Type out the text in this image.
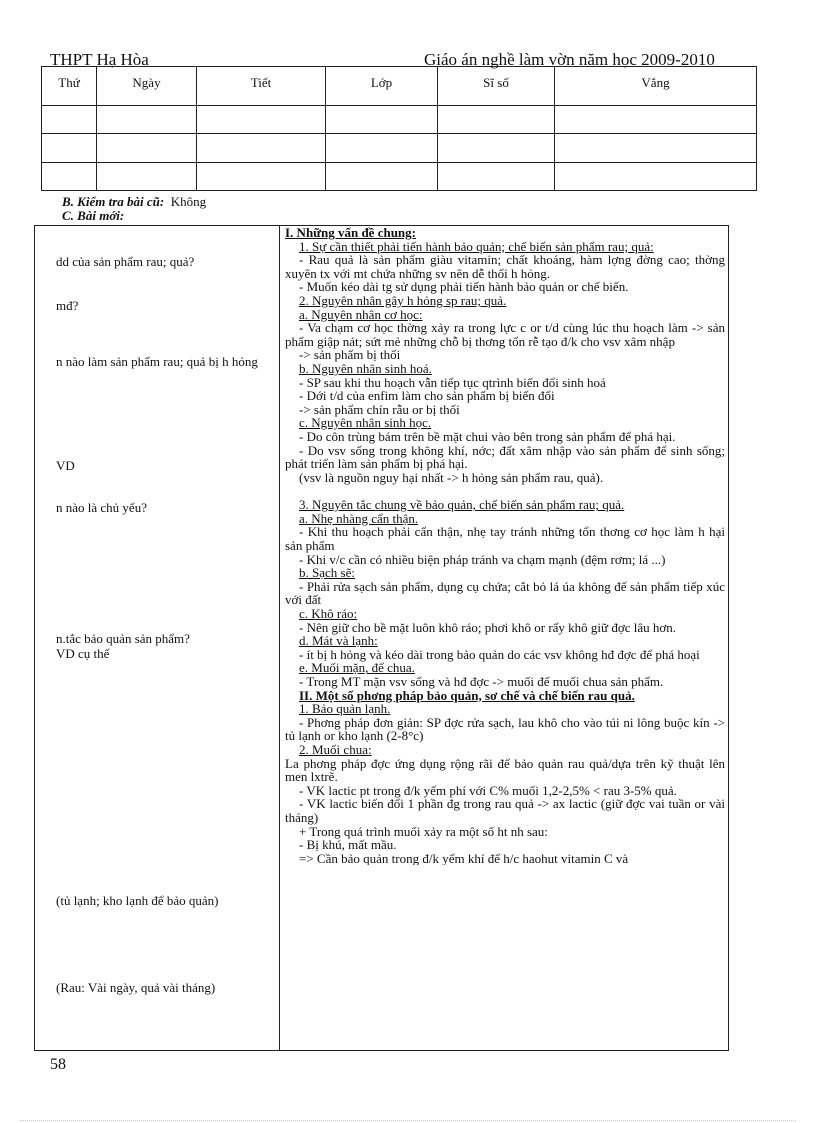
THPT Hạ Hòa	Giáo án nghề làm vờn năm học 2009-2010
Thứ	Ngày	Tiết	Lớp	Sĩ số	Vắng

B. Kiểm tra bài cũ: Không
C. Bài mới:
dd của sản phẩm rau; quả?
mđ?
n nào làm sản phẩm rau; quả bị h hỏng
VD
n nào là chủ yếu?
n.tắc bảo quản sản phẩm?
VD cụ thể
(tủ lạnh; kho lạnh để bảo quản)
(Rau: Vài ngày, quả vài tháng)
I. Những vấn đề chung:
1. Sự cần thiết phải tiến hành bảo quản; chế biến sản phẩm rau; quả:
- Rau quả là sản phẩm giàu vitamin; chất khoáng, hàm lợng đờng cao; thờng xuyên tx với mt chứa những sv nên dễ thối h hỏng.
- Muốn kéo dài tg sử dụng phải tiến hành bảo quản or chế biến.
2. Nguyên nhân gây h hỏng sp rau; quả.
a. Nguyên nhân cơ học:
- Va chạm cơ học thờng xảy ra trong lực c or t/d cùng lúc thu hoạch làm -> sản phẩm giập nát; sứt mẻ những chỗ bị thơng tổn rễ tạo đ/k cho vsv xâm nhập
-> sản phẩm bị thối
b. Nguyên nhân sinh hoá.
- SP sau khi thu hoạch vẫn tiếp tục qtrình biến đổi sinh hoá
- Dới t/d của enfim làm cho sản phẩm bị biến đổi
-> sản phẩm chín rẫu or bị thối
c. Nguyên nhân sinh học.
- Do côn trùng bám trên bề mặt chui vào bên trong sản phẩm để phá hại.
- Do vsv sống trong không khí, nớc; đất xâm nhập vào sản phẩm để sinh sống; phát triển làm sản phẩm bị phá hại.
(vsv là nguồn nguy hại nhất -> h hỏng sản phẩm rau, quả).
3. Nguyên tắc chung về bảo quản, chế biến sản phẩm rau; quả.
a. Nhẹ nhàng cẩn thận.
- Khi thu hoạch phải cẩn thận, nhẹ tay tránh những tổn thơng cơ học làm h hại sản phẩm
- Khi v/c cần có nhiều biện pháp tránh va chạm mạnh (đệm rơm; lá ...)
b. Sạch sẽ:
- Phải rửa sạch sản phẩm, dụng cụ chứa; cắt bỏ lá úa không để sản phẩm tiếp xúc với đất
c. Khô ráo:
- Nên giữ cho bề mặt luôn khô ráo; phơi khô or rấy khô giữ đợc lâu hơn.
d. Mát và lạnh:
- ít bị h hỏng và kéo dài trong bảo quản do các vsv không hđ đợc để phá hoại
e. Muối mặn, để chua.
- Trong MT mặn vsv sống và hđ đợc -> muối để muối chua sản phẩm.
II. Một số phơng pháp bảo quản, sơ chế và chế biến rau quả.
1. Bảo quản lạnh.
- Phơng pháp đơn giản: SP đợc rửa sạch, lau khô cho vào túi ni lông buộc kín -> tủ lạnh or kho lạnh (2-8°c)
2. Muối chua:
La phơng pháp đợc ứng dụng rộng rãi để bảo quản rau quả/dựa trên kỹ thuật lên men lxtrẽ.
- VK lactic pt trong đ/k yếm phí với C% muối 1,2-2,5% < rau 3-5% quả.
- VK lactic biến đổi 1 phần đg trong rau quả -> ax lactic (giữ đợc vai tuần or vài tháng)
+ Trong quá trình muối xảy ra một số ht nh sau:
- Bị khú, mất mầu.
=> Cần bảo quản trong đ/k yếm khí để h/c haohut vitamin C và
58
